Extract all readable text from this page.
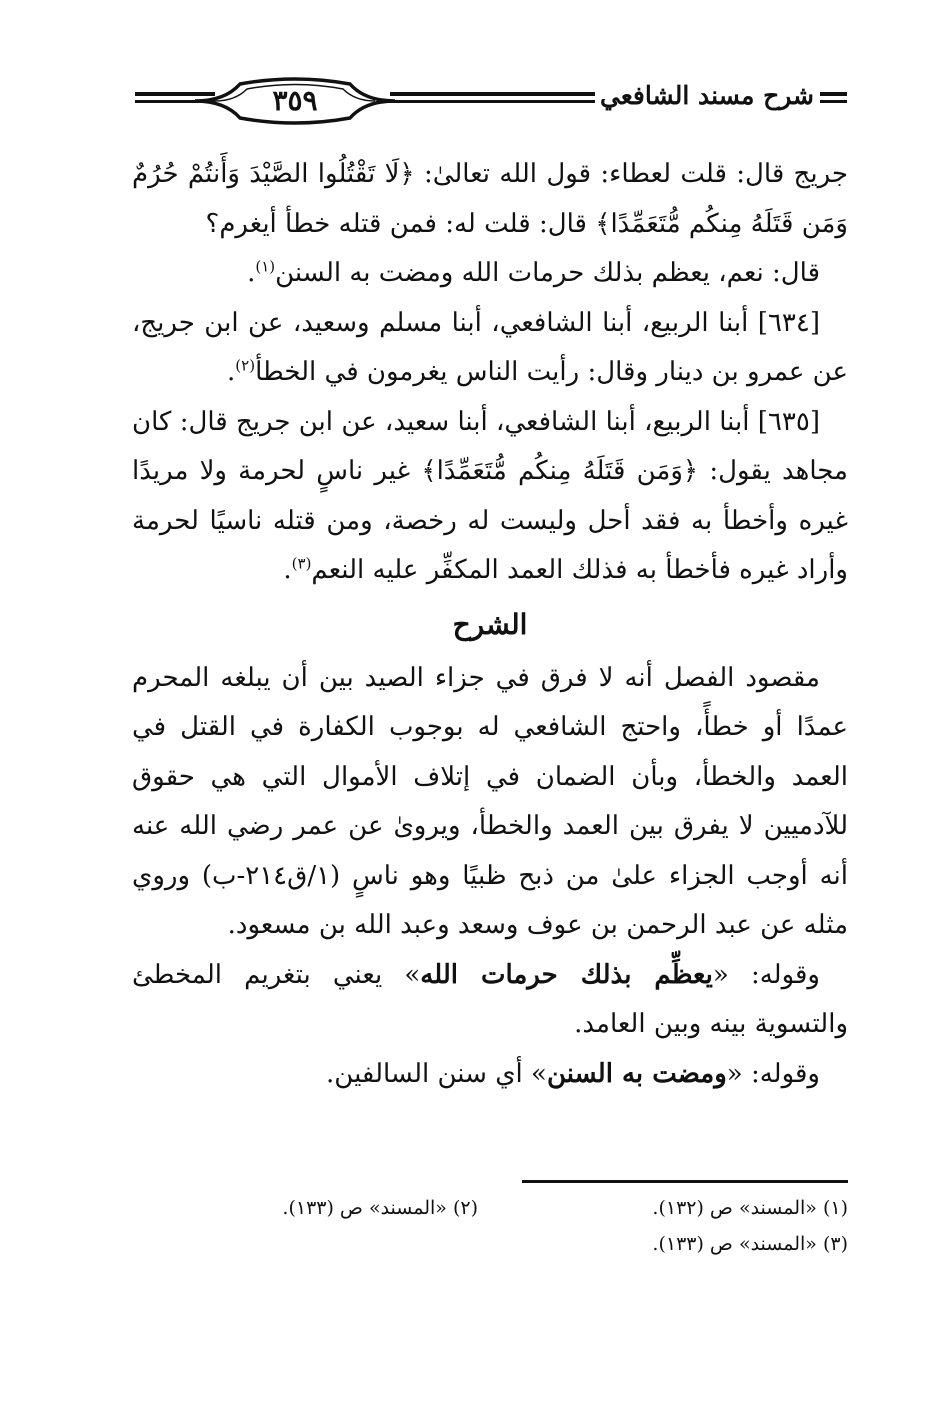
٣٥٩	شرح مسند الشافعي

جريج قال: قلت لعطاء: قول الله تعالىٰ: ﴿لَا تَقْتُلُوا الصَّيْدَ وَأَنتُمْ حُرُمٌ وَمَن قَتَلَهُ مِنكُم مُّتَعَمِّدًا﴾ قال: قلت له: فمن قتله خطأ أيغرم؟

قال: نعم، يعظم بذلك حرمات الله ومضت به السنن$^{(١)}$.

[٦٣٤] أبنا الربيع، أبنا الشافعي، أبنا مسلم وسعيد، عن ابن جريج، عن عمرو بن دينار وقال: رأيت الناس يغرمون في الخطأ$^{(٢)}$.

[٦٣٥] أبنا الربيع، أبنا الشافعي، أبنا سعيد، عن ابن جريج قال: كان مجاهد يقول: ﴿وَمَن قَتَلَهُ مِنكُم مُّتَعَمِّدًا﴾ غير ناسٍ لحرمة ولا مريدًا غيره وأخطأ به فقد أحل وليست له رخصة، ومن قتله ناسيًا لحرمة وأراد غيره فأخطأ به فذلك العمد المكفِّر عليه النعم$^{(٣)}$.

الشرح

مقصود الفصل أنه لا فرق في جزاء الصيد بين أن يبلغه المحرم عمدًا أو خطأً، واحتج الشافعي له بوجوب الكفارة في القتل في العمد والخطأ، وبأن الضمان في إتلاف الأموال التي هي حقوق للآدميين لا يفرق بين العمد والخطأ، ويروىٰ عن عمر رضي الله عنه أنه أوجب الجزاء علىٰ من ذبح ظبيًا وهو ناسٍ (١/ق٢١٤-ب) وروي مثله عن عبد الرحمن بن عوف وسعد وعبد الله بن مسعود.

وقوله: «يعظِّم بذلك حرمات الله» يعني بتغريم المخطئ والتسوية بينه وبين العامد.

وقوله: «ومضت به السنن» أي سنن السالفين.

(١) «المسند» ص (١٣٢).
(٢) «المسند» ص (١٣٣).
(٣) «المسند» ص (١٣٣).
